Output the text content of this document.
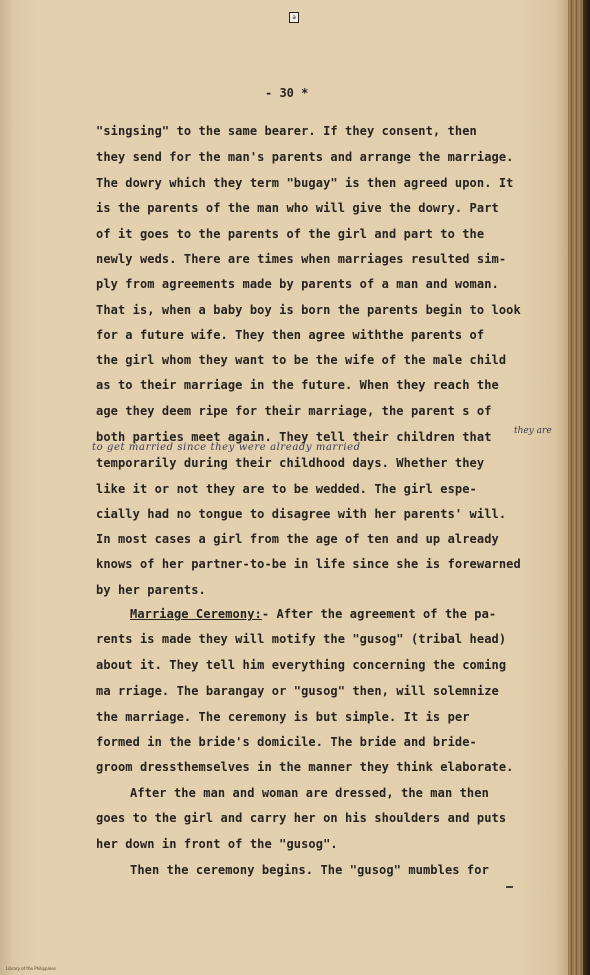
a
- 30 *
"singsing" to the same bearer. If they consent, then
they send for the man's parents and arrange the marriage.
The dowry which they term "bugay" is then agreed upon. It
is the parents of the man who will give the dowry. Part
of it goes to the parents of the girl and part to the
newly weds. There are times when marriages resulted sim-
ply from agreements made by parents of a man and woman.
That is, when a baby boy is born the parents begin to look
for a future wife. They then agree withthe parents of
the girl whom they want to be the wife of the male child
as to their marriage in the future. When they reach the
age they deem ripe for their marriage, the parent s of
both parties meet again. They tell their children that they are
to get married since they were already married
temporarily during their childhood days. Whether they
like it or not they are to be wedded. The girl espe-
cially had no tongue to disagree with her parents' will.
In most cases a girl from the age of ten and up already
knows of her partner-to-be in life since she is forewarned
by her parents.
Marriage Ceremony:- After the agreement of the pa-
rents is made they will motify the "gusog" (tribal head)
about it. They tell him everything concerning the coming
ma rriage. The barangay or "gusog" then, will solemnize
the marriage. The ceremony is but simple. It is per
formed in the bride's domicile. The bride and bride-
groom dressthemselves in the manner they think elaborate.
After the man and woman are dressed, the man then
goes to the girl and carry her on his shoulders and puts
her down in front of the "gusog".
Then the ceremony begins. The "gusog" mumbles for
Library of the Philippines
